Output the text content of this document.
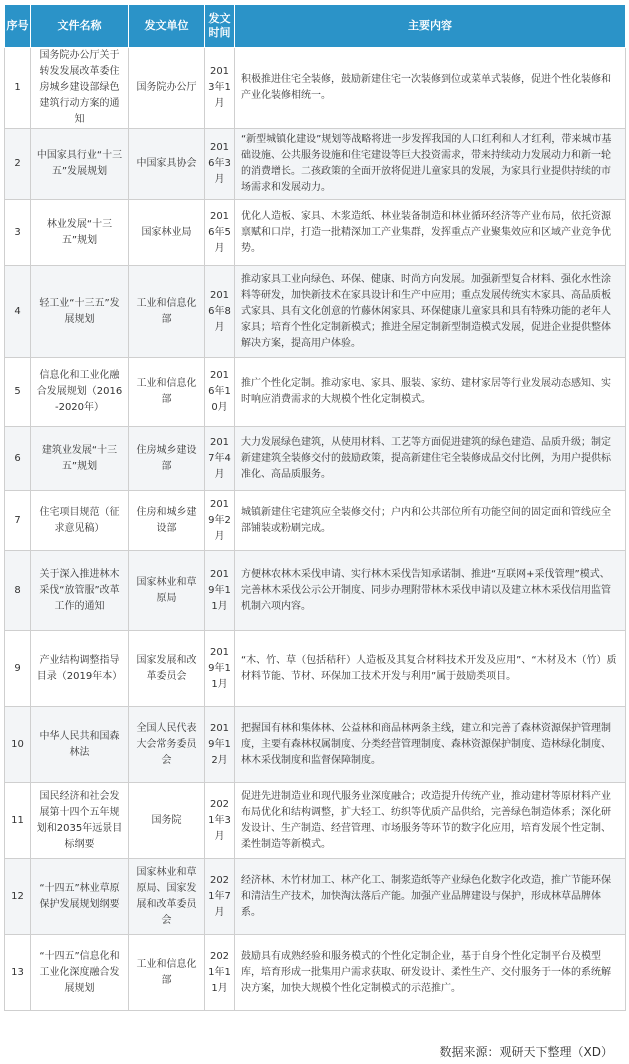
序号	文件名称	发文单位	发文时间	主要内容
1	国务院办公厅关于转发发展改革委住房城乡建设部绿色建筑行动方案的通知	国务院办公厅	2013年1月	积极推进住宅全装修，鼓励新建住宅一次装修到位或菜单式装修，促进个性化装修和产业化装修相统一。
2	中国家具行业“十三五”发展规划	中国家具协会	2016年3月	“新型城镇化建设”规划等战略将进一步发挥我国的人口红利和人才红利，带来城市基础设施、公共服务设施和住宅建设等巨大投资需求，带来持续动力发展动力和新一轮的消费增长。二孩政策的全面开放将促进儿童家具的发展，为家具行业提供持续的市场需求和发展动力。
3	林业发展“十三五”规划	国家林业局	2016年5月	优化人造板、家具、木浆造纸、林业装备制造和林业循环经济等产业布局，依托资源禀赋和口岸，打造一批精深加工产业集群，发挥重点产业聚集效应和区域产业竞争优势。
4	轻工业“十三五”发展规划	工业和信息化部	2016年8月	推动家具工业向绿色、环保、健康、时尚方向发展。加强新型复合材料、强化水性涂料等研发，加快新技术在家具设计和生产中应用；重点发展传统实木家具、高品质板式家具、具有文化创意的竹藤休闲家具、环保健康儿童家具和具有特殊功能的老年人家具；培育个性化定制新模式；推进全屋定制新型制造模式发展，促进企业提供整体解决方案，提高用户体验。
5	信息化和工业化融合发展规划（2016-2020年）	工业和信息化部	2016年10月	推广个性化定制。推动家电、家具、服装、家纺、建材家居等行业发展动态感知、实时响应消费需求的大规模个性化定制模式。
6	建筑业发展“十三五”规划	住房城乡建设部	2017年4月	大力发展绿色建筑，从使用材料、工艺等方面促进建筑的绿色建造、品质升级；制定新建建筑全装修交付的鼓励政策，提高新建住宅全装修成品交付比例，为用户提供标准化、高品质服务。
7	住宅项目规范（征求意见稿）	住房和城乡建设部	2019年2月	城镇新建住宅建筑应全装修交付；户内和公共部位所有功能空间的固定面和管线应全部铺装或粉刷完成。
8	关于深入推进林木采伐“放管服”改革工作的通知	国家林业和草原局	2019年11月	方便林农林木采伐申请、实行林木采伐告知承诺制、推进“互联网+采伐管理”模式、完善林木采伐公示公开制度、同步办理附带林木采伐申请以及建立林木采伐信用监管机制六项内容。
9	产业结构调整指导目录（2019年本）	国家发展和改革委员会	2019年11月	“木、竹、草（包括秸秆）人造板及其复合材料技术开发及应用”、“木材及木（竹）质材料节能、节材、环保加工技术开发与利用”属于鼓励类项目。
10	中华人民共和国森林法	全国人民代表大会常务委员会	2019年12月	把握国有林和集体林、公益林和商品林两条主线，建立和完善了森林资源保护管理制度，主要有森林权属制度、分类经营管理制度、森林资源保护制度、造林绿化制度、林木采伐制度和监督保障制度。
11	国民经济和社会发展第十四个五年规划和2035年远景目标纲要	国务院	2021年3月	促进先进制造业和现代服务业深度融合；改造提升传统产业，推动建材等原材料产业布局优化和结构调整，扩大轻工、纺织等优质产品供给，完善绿色制造体系；深化研发设计、生产制造、经营管理、市场服务等环节的数字化应用，培育发展个性定制、柔性制造等新模式。
12	“十四五”林业草原保护发展规划纲要	国家林业和草原局、国家发展和改革委员会	2021年7月	经济林、木竹材加工、林产化工、制浆造纸等产业绿色化数字化改造，推广节能环保和清洁生产技术，加快淘汰落后产能。加强产业品牌建设与保护，形成林草品牌体系。
13	“十四五”信息化和工业化深度融合发展规划	工业和信息化部	2021年11月	鼓励具有成熟经验和服务模式的个性化定制企业，基于自身个性化定制平台及模型库，培育形成一批集用户需求获取、研发设计、柔性生产、交付服务于一体的系统解决方案，加快大规模个性化定制模式的示范推广。
数据来源：观研天下整理（XD）
